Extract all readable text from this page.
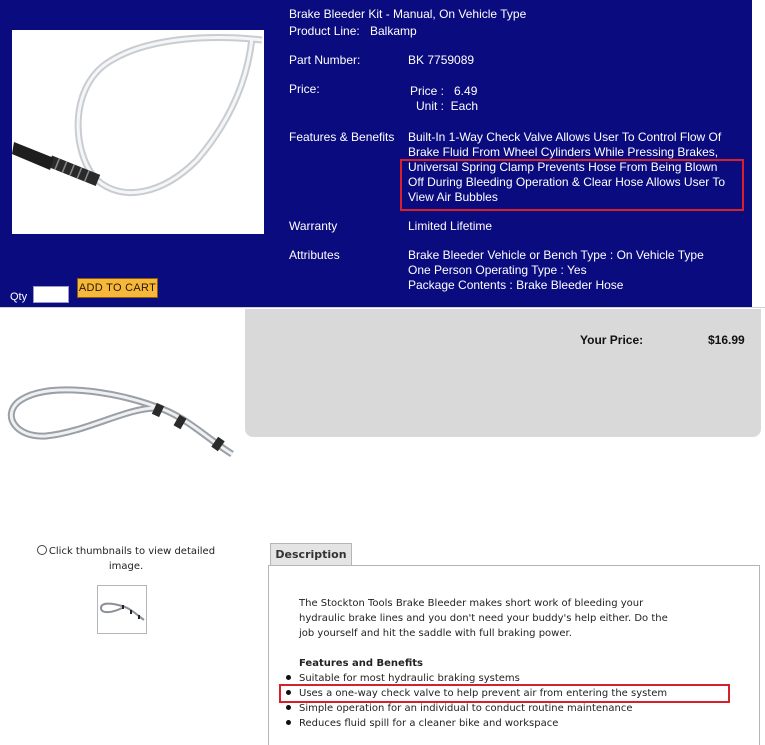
Brake Bleeder Kit - Manual, On Vehicle Type
Product Line: Balkamp
Part Number:	BK 7759089
Price:	Price :   6.49
Unit :  Each
Features & Benefits Built-In 1-Way Check Valve Allows User To Control Flow Of
Brake Fluid From Wheel Cylinders While Pressing Brakes,
Universal Spring Clamp Prevents Hose From Being Blown
Off During Bleeding Operation & Clear Hose Allows User To
View Air Bubbles
Warranty	Limited Lifetime
Attributes	Brake Bleeder Vehicle or Bench Type : On Vehicle Type
One Person Operating Type : Yes
Package Contents : Brake Bleeder Hose
Qty
ADD TO CART
Your Price:	$16.99
Click thumbnails to view detailed
image.
Description
The Stockton Tools Brake Bleeder makes short work of bleeding your
hydraulic brake lines and you don't need your buddy's help either. Do the
job yourself and hit the saddle with full braking power.
Features and Benefits
Suitable for most hydraulic braking systems
Uses a one-way check valve to help prevent air from entering the system
Simple operation for an individual to conduct routine maintenance
Reduces fluid spill for a cleaner bike and workspace
